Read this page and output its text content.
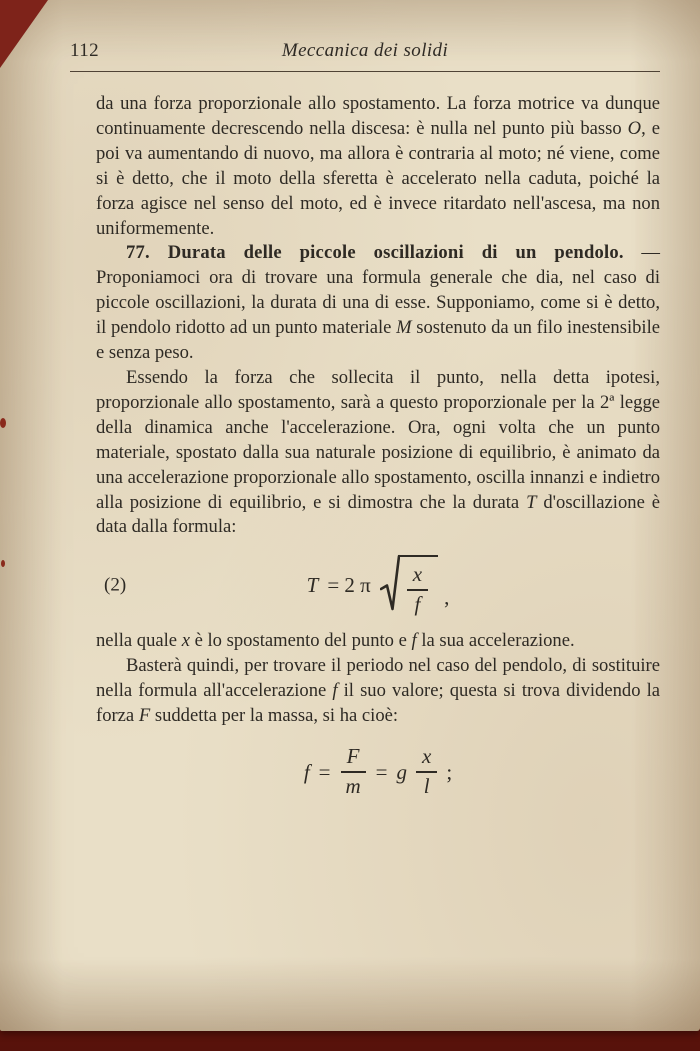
112	Meccanica dei solidi

da una forza proporzionale allo spostamento. La forza motrice va dunque continuamente decrescendo nella discesa: è nulla nel punto più basso O, e poi va aumentando di nuovo, ma allora è contraria al moto; né viene, come si è detto, che il moto della sferetta è accelerato nella caduta, poiché la forza agisce nel senso del moto, ed è invece ritardato nell'ascesa, ma non uniformemente.

77. Durata delle piccole oscillazioni di un pendolo. — Proponiamoci ora di trovare una formula generale che dia, nel caso di piccole oscillazioni, la durata di una di esse. Supponiamo, come si è detto, il pendolo ridotto ad un punto materiale M sostenuto da un filo inestensibile e senza peso.

Essendo la forza che sollecita il punto, nella detta ipotesi, proporzionale allo spostamento, sarà a questo proporzionale per la 2ª legge della dinamica anche l'accelerazione. Ora, ogni volta che un punto materiale, spostato dalla sua naturale posizione di equilibrio, è animato da una accelerazione proporzionale allo spostamento, oscilla innanzi e indietro alla posizione di equilibrio, e si dimostra che la durata T d'oscillazione è data dalla formula:

(2)	T = 2 π $\frac{x}{f}$ ,

nella quale x è lo spostamento del punto e f la sua accelerazione.

Basterà quindi, per trovare il periodo nel caso del pendolo, di sostituire nella formula all'accelerazione f il suo valore; questa si trova dividendo la forza F suddetta per la massa, si ha cioè:

$f = \frac{F}{m} = g \frac{x}{l}$ ;
